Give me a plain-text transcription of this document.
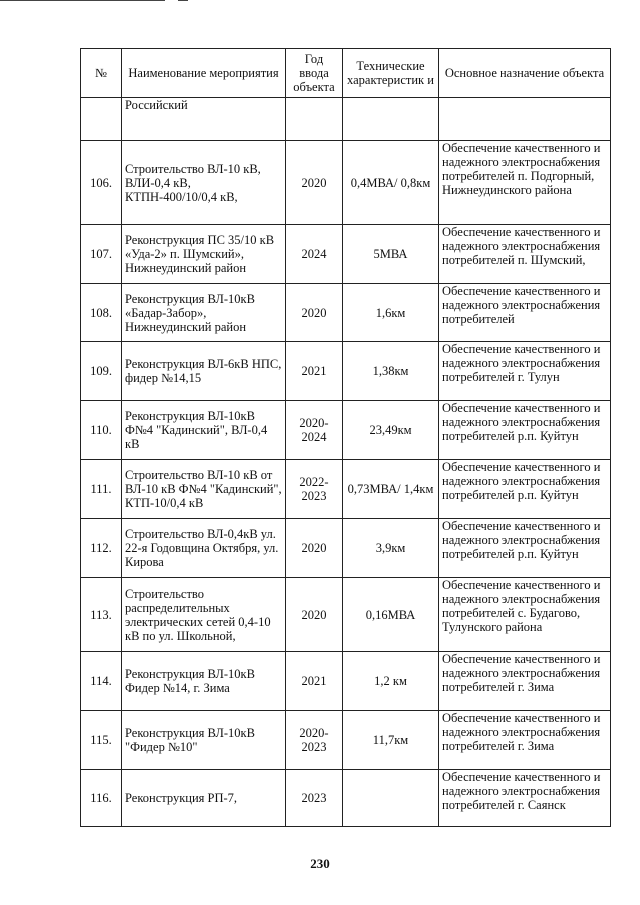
№	Наименование мероприятия	Год ввода объекта	Технические характеристик и	Основное назначение объекта
	Российский			
106.	Строительство ВЛ-10 кВ, ВЛИ-0,4 кВ, КТПН-400/10/0,4 кВ,	2020	0,4МВА/ 0,8км	Обеспечение качественного и надежного электроснабжения потребителей п. Подгорный, Нижнеудинского района
107.	Реконструкция ПС 35/10 кВ «Уда-2» п. Шумский», Нижнеудинский район	2024	5МВА	Обеспечение качественного и надежного электроснабжения потребителей п. Шумский,
108.	Реконструкция ВЛ-10кВ «Бадар-Забор», Нижнеудинский район	2020	1,6км	Обеспечение качественного и надежного электроснабжения потребителей
109.	Реконструкция ВЛ-6кВ НПС, фидер №14,15	2021	1,38км	Обеспечение качественного и надежного электроснабжения потребителей г. Тулун
110.	Реконструкция ВЛ-10кВ Ф№4 "Кадинский", ВЛ-0,4 кВ	2020-2024	23,49км	Обеспечение качественного и надежного электроснабжения потребителей р.п. Куйтун
111.	Строительство ВЛ-10 кВ от ВЛ-10 кВ Ф№4 "Кадинский", КТП-10/0,4 кВ	2022-2023	0,73МВА/ 1,4км	Обеспечение качественного и надежного электроснабжения потребителей р.п. Куйтун
112.	Строительство ВЛ-0,4кВ ул. 22-я Годовщина Октября, ул. Кирова	2020	3,9км	Обеспечение качественного и надежного электроснабжения потребителей р.п. Куйтун
113.	Строительство распределительных электрических сетей 0,4-10 кВ по ул. Школьной,	2020	0,16МВА	Обеспечение качественного и надежного электроснабжения потребителей с. Будагово, Тулунского района
114.	Реконструкция ВЛ-10кВ Фидер №14, г. Зима	2021	1,2 км	Обеспечение качественного и надежного электроснабжения потребителей г. Зима
115.	Реконструкция ВЛ-10кВ "Фидер №10"	2020-2023	11,7км	Обеспечение качественного и надежного электроснабжения потребителей г. Зима
116.	Реконструкция РП-7,	2023		Обеспечение качественного и надежного электроснабжения потребителей г. Саянск
230
